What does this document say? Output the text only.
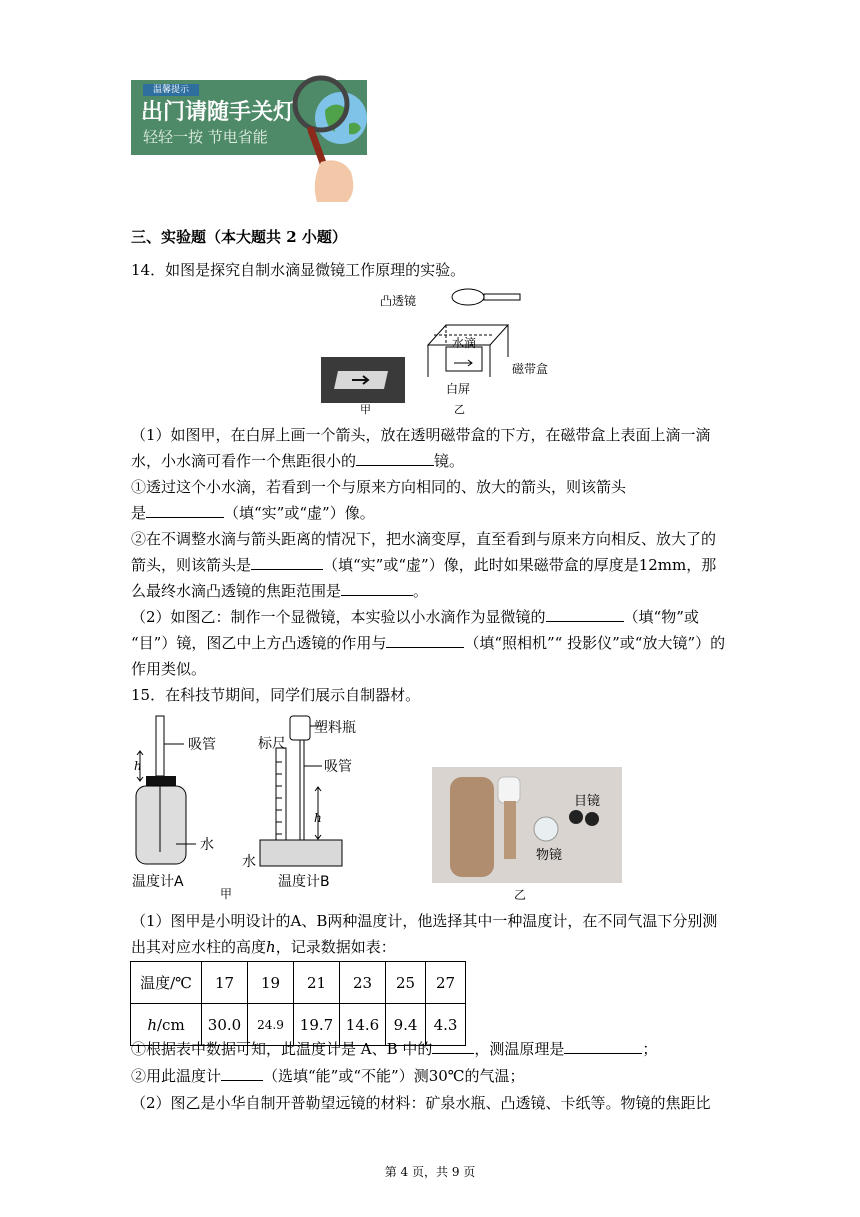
温馨提示
出门请随手关灯
轻轻一按 节电省能
三、实验题（本大题共 2 小题）
14．如图是探究自制水滴显微镜工作原理的实验。
水滴
磁带盒
白屏
凸透镜
甲	乙
（1）如图甲，在白屏上画一个箭头，放在透明磁带盒的下方，在磁带盒上表面上滴一滴
水，小水滴可看作一个焦距很小的	镜。
①透过这个小水滴，若看到一个与原来方向相同的、放大的箭头，则该箭头
是	（填“实”或“虚”）像。
②在不调整水滴与箭头距离的情况下，把水滴变厚，直至看到与原来方向相反、放大了的
箭头，则该箭头是	（填“实”或“虚”）像，此时如果磁带盒的厚度是12mm，那
么最终水滴凸透镜的焦距范围是	。
（2）如图乙：制作一个显微镜，本实验以小水滴作为显微镜的	（填“物”或
“目”）镜，图乙中上方凸透镜的作用与	（填“照相机”“ 投影仪”或“放大镜”）的
作用类似。
15．在科技节期间，同学们展示自制器材。
h
吸管
水
温度计A
h
塑料瓶
标尺
吸管
水
温度计B
甲
目镜
物镜
乙
（1）图甲是小明设计的A、B两种温度计，他选择其中一种温度计，在不同气温下分别测
出其对应水柱的高度h，记录数据如表：
温度/℃	17	19	21	23	25	27
h/cm	30.0	24.9	19.7	14.6	9.4	4.3
①根据表中数据可知，此温度计是 A、B 中的	，测温原理是	；
②用此温度计	（选填“能”或“不能”）测30℃的气温；
（2）图乙是小华自制开普勒望远镜的材料：矿泉水瓶、凸透镜、卡纸等。物镜的焦距比
第 4 页，共 9 页
